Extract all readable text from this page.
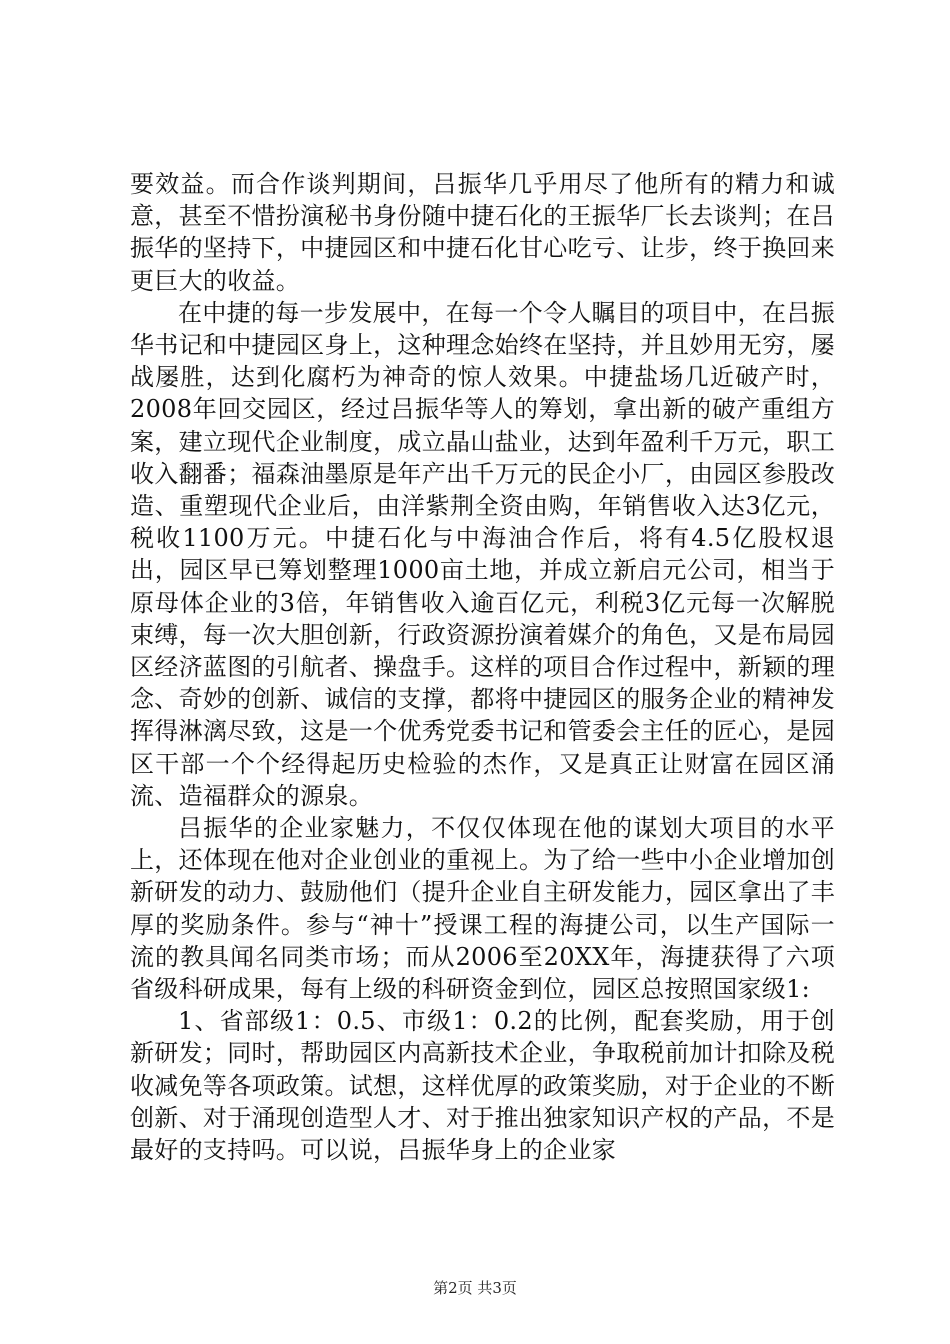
要效益。而合作谈判期间，吕振华几乎用尽了他所有的精力和诚意，甚至不惜扮演秘书身份随中捷石化的王振华厂长去谈判；在吕振华的坚持下，中捷园区和中捷石化甘心吃亏、让步，终于换回来更巨大的收益。

在中捷的每一步发展中，在每一个令人瞩目的项目中，在吕振华书记和中捷园区身上，这种理念始终在坚持，并且妙用无穷，屡战屡胜，达到化腐朽为神奇的惊人效果。中捷盐场几近破产时，2008年回交园区，经过吕振华等人的筹划，拿出新的破产重组方案，建立现代企业制度，成立晶山盐业，达到年盈利千万元，职工收入翻番；福森油墨原是年产出千万元的民企小厂，由园区参股改造、重塑现代企业后，由洋紫荆全资由购，年销售收入达3亿元，税收1100万元。中捷石化与中海油合作后，将有4.5亿股权退出，园区早已筹划整理1000亩土地，并成立新启元公司，相当于原母体企业的3倍，年销售收入逾百亿元，利税3亿元每一次解脱束缚，每一次大胆创新，行政资源扮演着媒介的角色，又是布局园区经济蓝图的引航者、操盘手。这样的项目合作过程中，新颖的理念、奇妙的创新、诚信的支撑，都将中捷园区的服务企业的精神发挥得淋漓尽致，这是一个优秀党委书记和管委会主任的匠心，是园区干部一个个经得起历史检验的杰作，又是真正让财富在园区涌流、造福群众的源泉。

吕振华的企业家魅力，不仅仅体现在他的谋划大项目的水平上，还体现在他对企业创业的重视上。为了给一些中小企业增加创新研发的动力、鼓励他们（提升企业自主研发能力，园区拿出了丰厚的奖励条件。参与“神十”授课工程的海捷公司，以生产国际一流的教具闻名同类市场；而从2006至20XX年，海捷获得了六项省级科研成果，每有上级的科研资金到位，园区总按照国家级1:

1、省部级1：0.5、市级1：0.2的比例，配套奖励，用于创新研发；同时，帮助园区内高新技术企业，争取税前加计扣除及税收减免等各项政策。试想，这样优厚的政策奖励，对于企业的不断创新、对于涌现创造型人才、对于推出独家知识产权的产品，不是最好的支持吗。可以说，吕振华身上的企业家

第2页 共3页
